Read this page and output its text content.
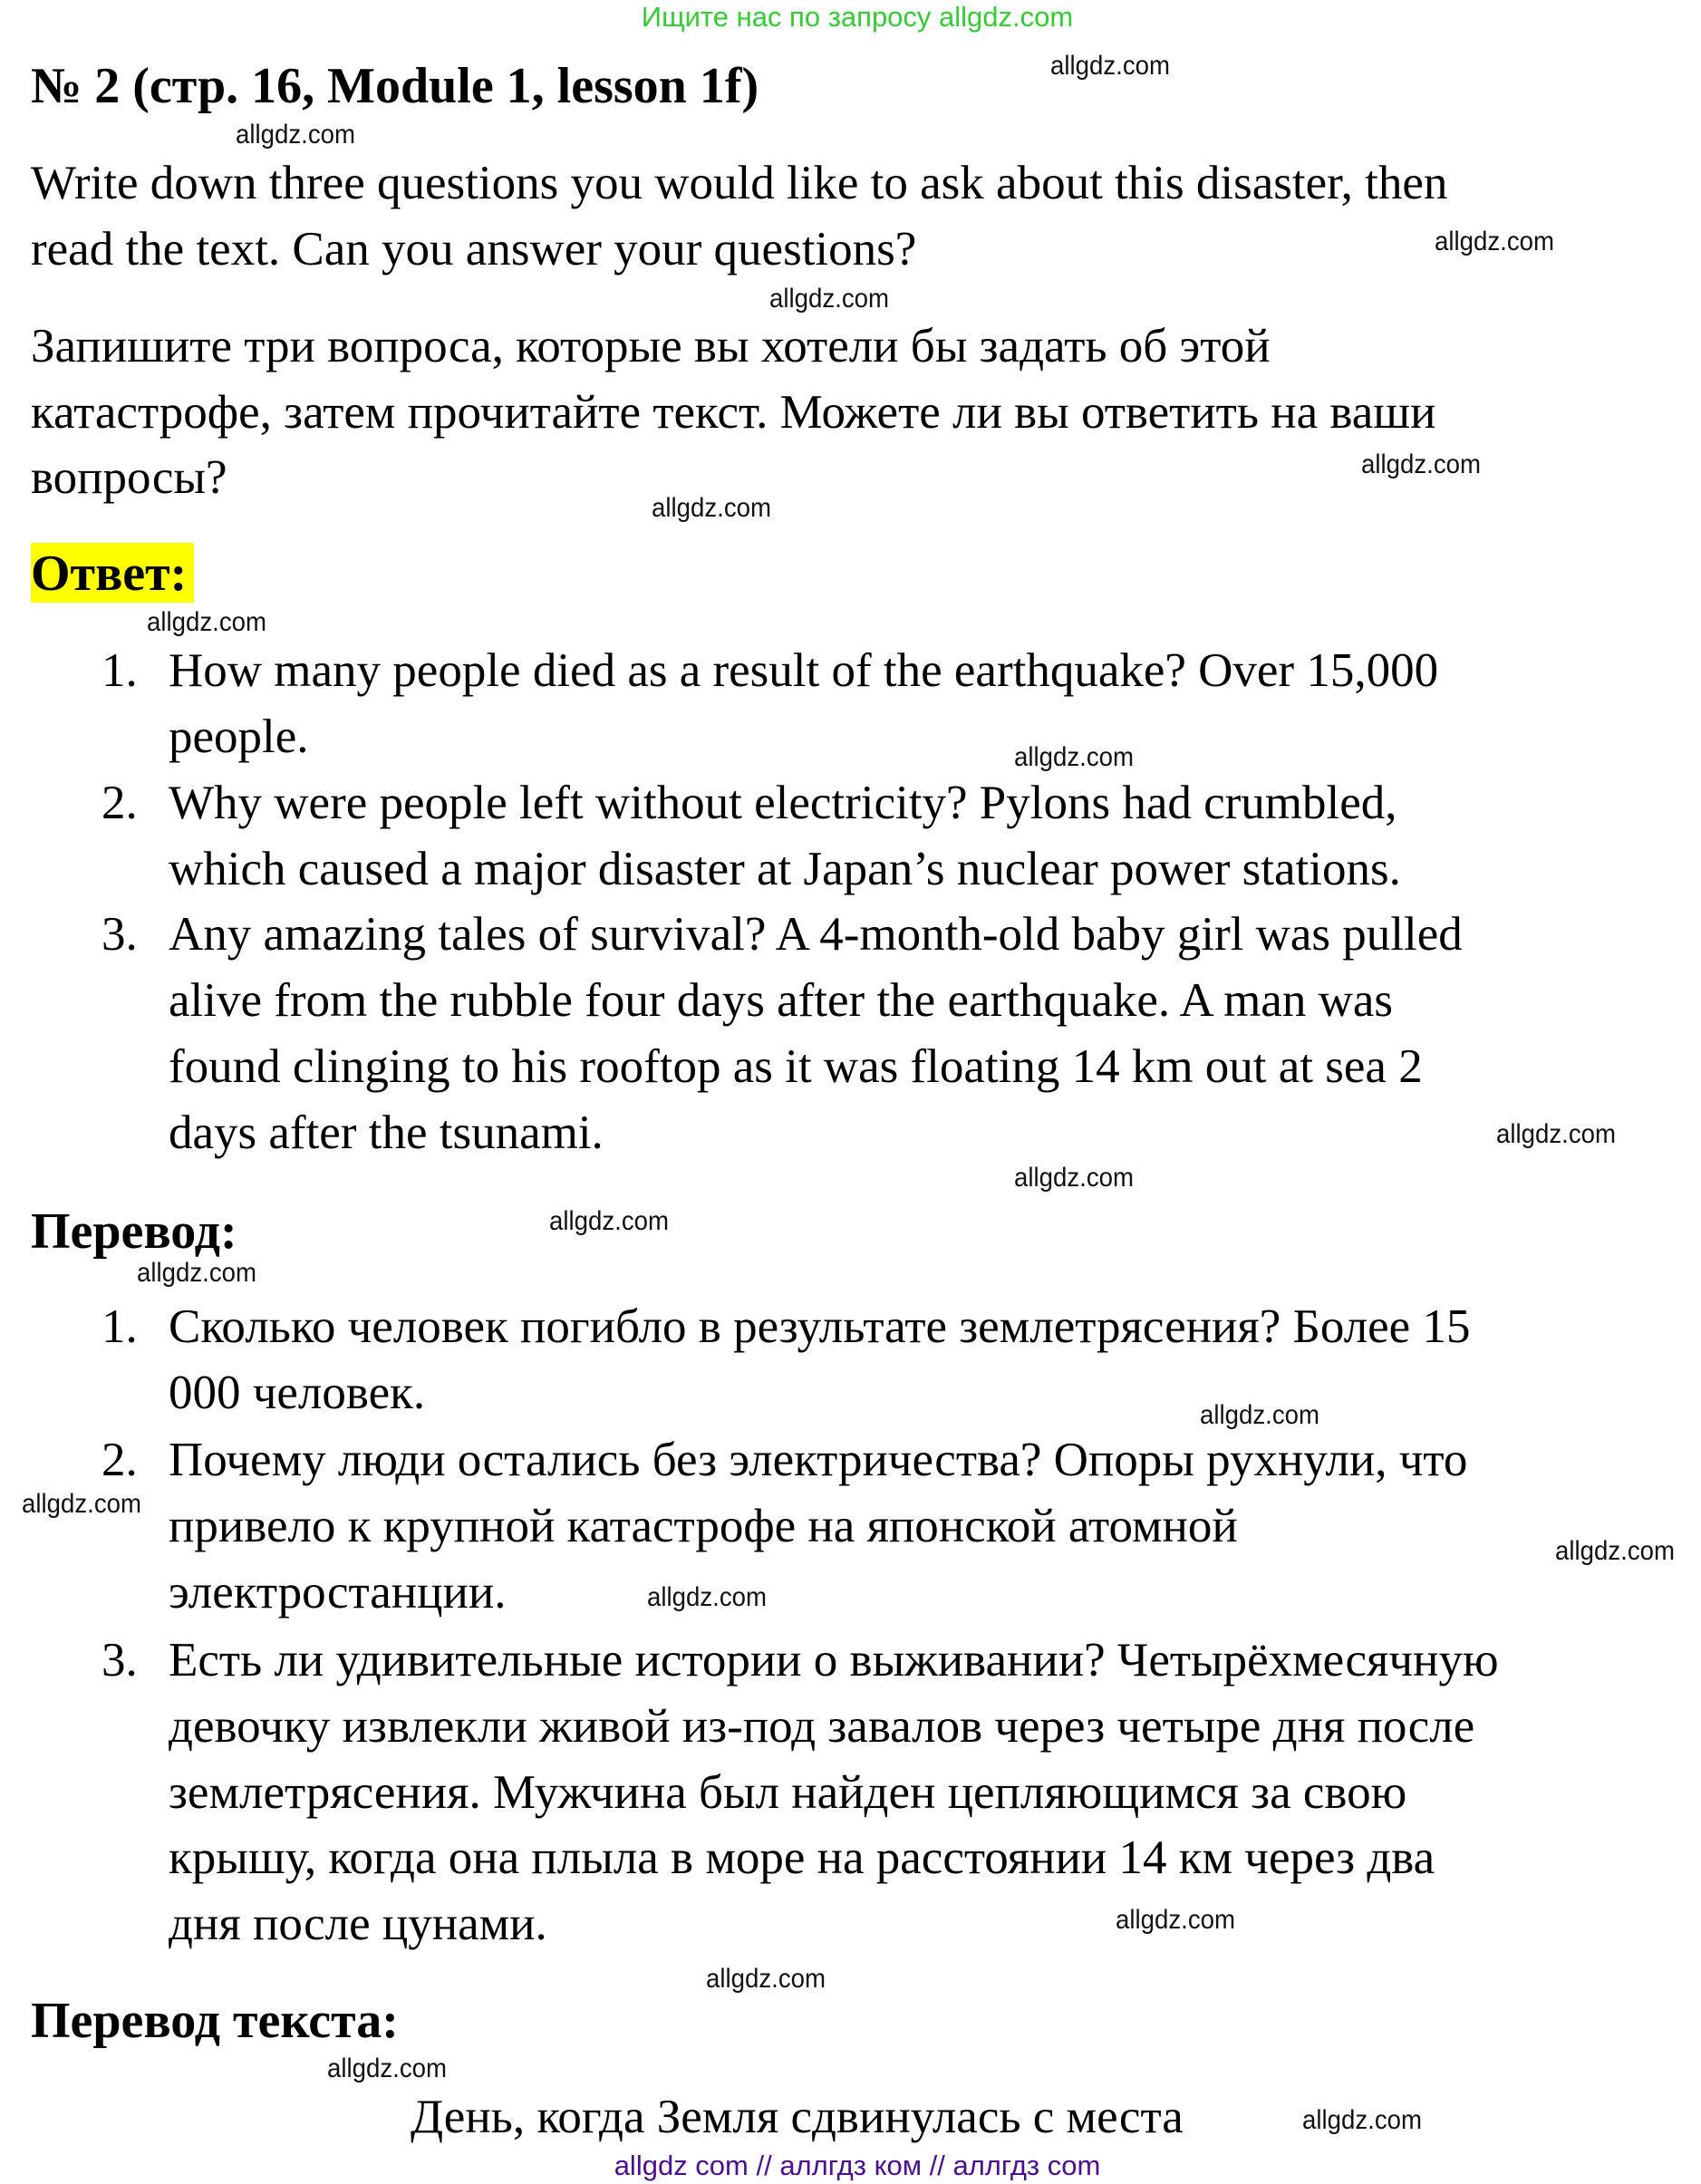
Ищите нас по запросу allgdz.com
№ 2 (стр. 16, Module 1, lesson 1f)
Write down three questions you would like to ask about this disaster, then
read the text. Can you answer your questions?
Запишите три вопроса, которые вы хотели бы задать об этой
катастрофе, затем прочитайте текст. Можете ли вы ответить на ваши
вопросы?
Ответ:
1. How many people died as a result of the earthquake? Over 15,000
people.
2. Why were people left without electricity? Pylons had crumbled,
which caused a major disaster at Japan’s nuclear power stations.
3. Any amazing tales of survival? A 4-month-old baby girl was pulled
alive from the rubble four days after the earthquake. A man was
found clinging to his rooftop as it was floating 14 km out at sea 2
days after the tsunami.
Перевод:
1. Сколько человек погибло в результате землетрясения? Более 15
000 человек.
2. Почему люди остались без электричества? Опоры рухнули, что
привело к крупной катастрофе на японской атомной
электростанции.
3. Есть ли удивительные истории о выживании? Четырёхмесячную
девочку извлекли живой из-под завалов через четыре дня после
землетрясения. Мужчина был найден цепляющимся за свою
крышу, когда она плыла в море на расстоянии 14 км через два
дня после цунами.
Перевод текста:
День, когда Земля сдвинулась с места
allgdz.com
allgdz.com
allgdz.com
allgdz.com
allgdz.com
allgdz.com
allgdz.com
allgdz.com
allgdz.com
allgdz.com
allgdz.com
allgdz.com
allgdz.com
allgdz.com
allgdz.com
allgdz.com
allgdz.com
allgdz.com
allgdz.com
allgdz.com
allgdz com // аллгдз ком // аллгдз com
